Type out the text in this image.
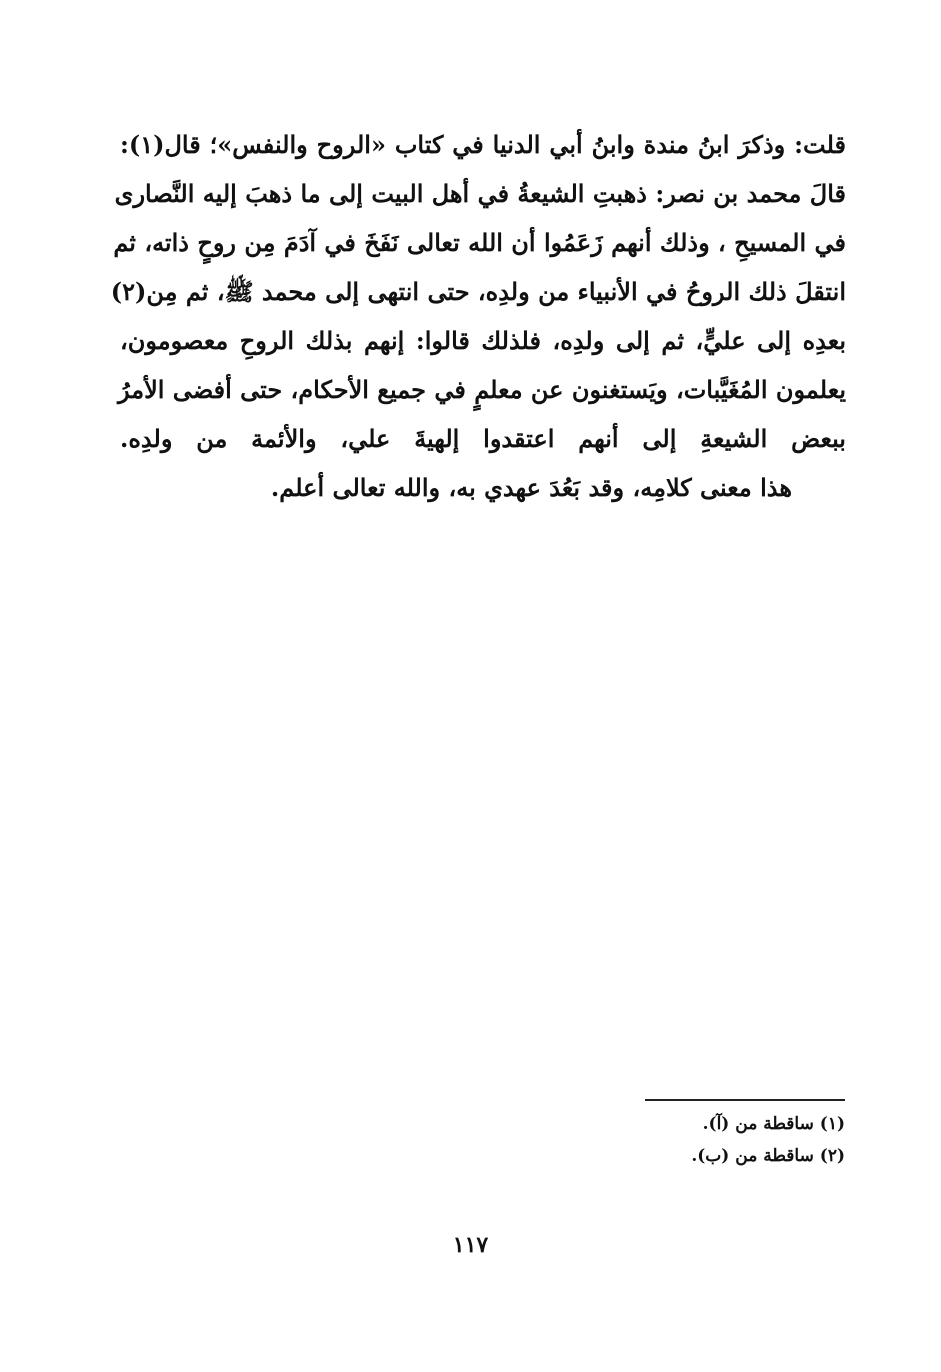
قلت: وذكرَ ابنُ مندة وابنُ أبي الدنيا في كتاب «الروح والنفس»؛ قال(١):
قالَ محمد بن نصر: ذهبتِ الشيعةُ في أهل البيت إلى ما ذهبَ إليه النَّصارى
في المسيحِ ، وذلك أنهم زَعَمُوا أن الله تعالى نَفَخَ في آدَمَ مِن روحٍ ذاته، ثم
انتقلَ ذلك الروحُ في الأنبياء من ولدِه، حتى انتهى إلى محمد ﷺ، ثم مِن(٢)
بعدِه إلى عليٍّ، ثم إلى ولدِه، فلذلك قالوا: إنهم بذلك الروحِ معصومون،
يعلمون المُغَيَّبات، ويَستغنون عن معلمٍ في جميع الأحكام، حتى أفضى الأمرُ
ببعض الشيعةِ إلى أنهم اعتقدوا إلهيةَ علي، والأئمة من ولدِه.
هذا معنى كلامِه، وقد بَعُدَ عهدي به، والله تعالى أعلم.
(١) ساقطة من (آ).
(٢) ساقطة من (ب).
١١٧
